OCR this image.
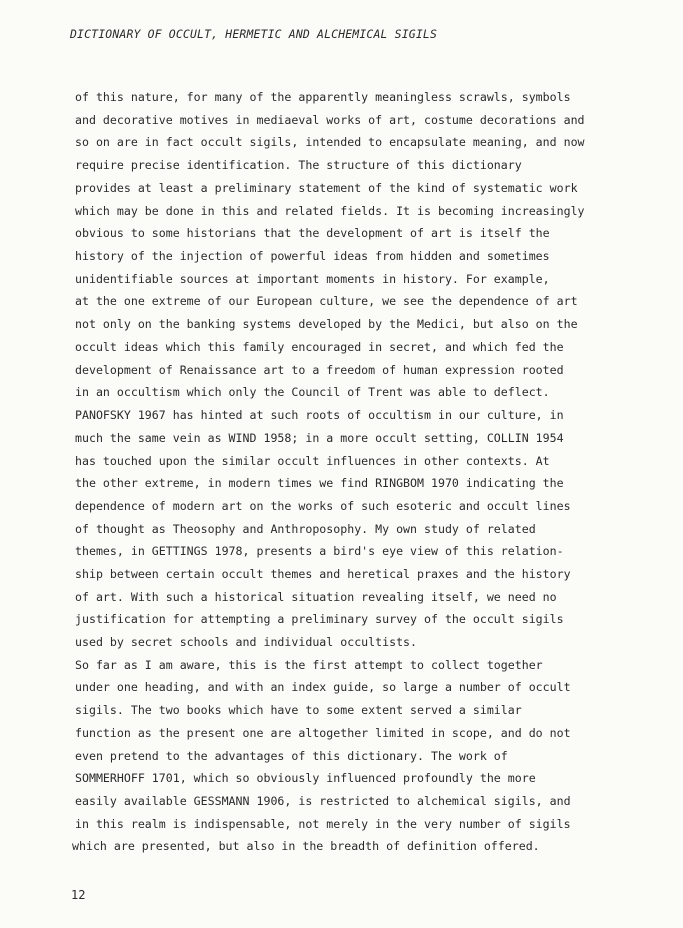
DICTIONARY OF OCCULT, HERMETIC AND ALCHEMICAL SIGILS
of this nature, for many of the apparently meaningless scrawls, symbols
and decorative motives in mediaeval works of art, costume decorations and
so on are in fact occult sigils, intended to encapsulate meaning, and now
require precise identification. The structure of this dictionary
provides at least a preliminary statement of the kind of systematic work
which may be done in this and related fields. It is becoming increasingly
obvious to some historians that the development of art is itself the
history of the injection of powerful ideas from hidden and sometimes
unidentifiable sources at important moments in history. For example,
at the one extreme of our European culture, we see the dependence of art
not only on the banking systems developed by the Medici, but also on the
occult ideas which this family encouraged in secret, and which fed the
development of Renaissance art to a freedom of human expression rooted
in an occultism which only the Council of Trent was able to deflect.
PANOFSKY 1967 has hinted at such roots of occultism in our culture, in
much the same vein as WIND 1958; in a more occult setting, COLLIN 1954
has touched upon the similar occult influences in other contexts. At
the other extreme, in modern times we find RINGBOM 1970 indicating the
dependence of modern art on the works of such esoteric and occult lines
of thought as Theosophy and Anthroposophy. My own study of related
themes, in GETTINGS 1978, presents a bird's eye view of this relation-
ship between certain occult themes and heretical praxes and the history
of art. With such a historical situation revealing itself, we need no
justification for attempting a preliminary survey of the occult sigils
used by secret schools and individual occultists.
So far as I am aware, this is the first attempt to collect together
under one heading, and with an index guide, so large a number of occult
sigils. The two books which have to some extent served a similar
function as the present one are altogether limited in scope, and do not
even pretend to the advantages of this dictionary. The work of
SOMMERHOFF 1701, which so obviously influenced profoundly the more
easily available GESSMANN 1906, is restricted to alchemical sigils, and
in this realm is indispensable, not merely in the very number of sigils
which are presented, but also in the breadth of definition offered.
12
